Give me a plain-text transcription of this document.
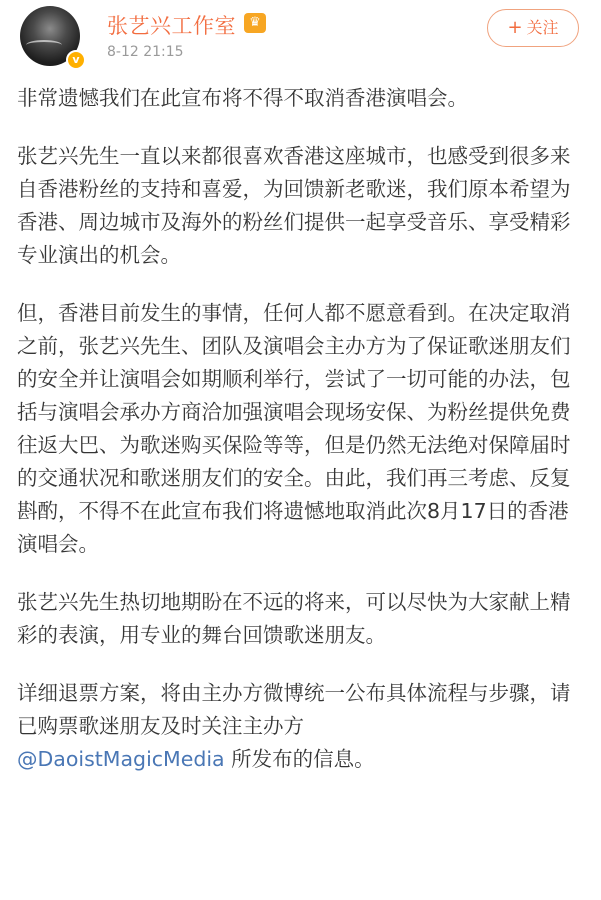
v
张艺兴工作室	♛
8-12 21:15
+ 关注

非常遗憾我们在此宣布将不得不取消香港演唱会。

张艺兴先生一直以来都很喜欢香港这座城市，也感受到很多来自香港粉丝的支持和喜爱，为回馈新老歌迷，我们原本希望为香港、周边城市及海外的粉丝们提供一起享受音乐、享受精彩专业演出的机会。

但，香港目前发生的事情，任何人都不愿意看到。在决定取消之前，张艺兴先生、团队及演唱会主办方为了保证歌迷朋友们的安全并让演唱会如期顺利举行，尝试了一切可能的办法，包括与演唱会承办方商洽加强演唱会现场安保、为粉丝提供免费往返大巴、为歌迷购买保险等等，但是仍然无法绝对保障届时的交通状况和歌迷朋友们的安全。由此，我们再三考虑、反复斟酌，不得不在此宣布我们将遗憾地取消此次8月17日的香港演唱会。

张艺兴先生热切地期盼在不远的将来，可以尽快为大家献上精彩的表演，用专业的舞台回馈歌迷朋友。

详细退票方案，将由主办方微博统一公布具体流程与步骤，请已购票歌迷朋友及时关注主办方
@DaoistMagicMedia 所发布的信息。
